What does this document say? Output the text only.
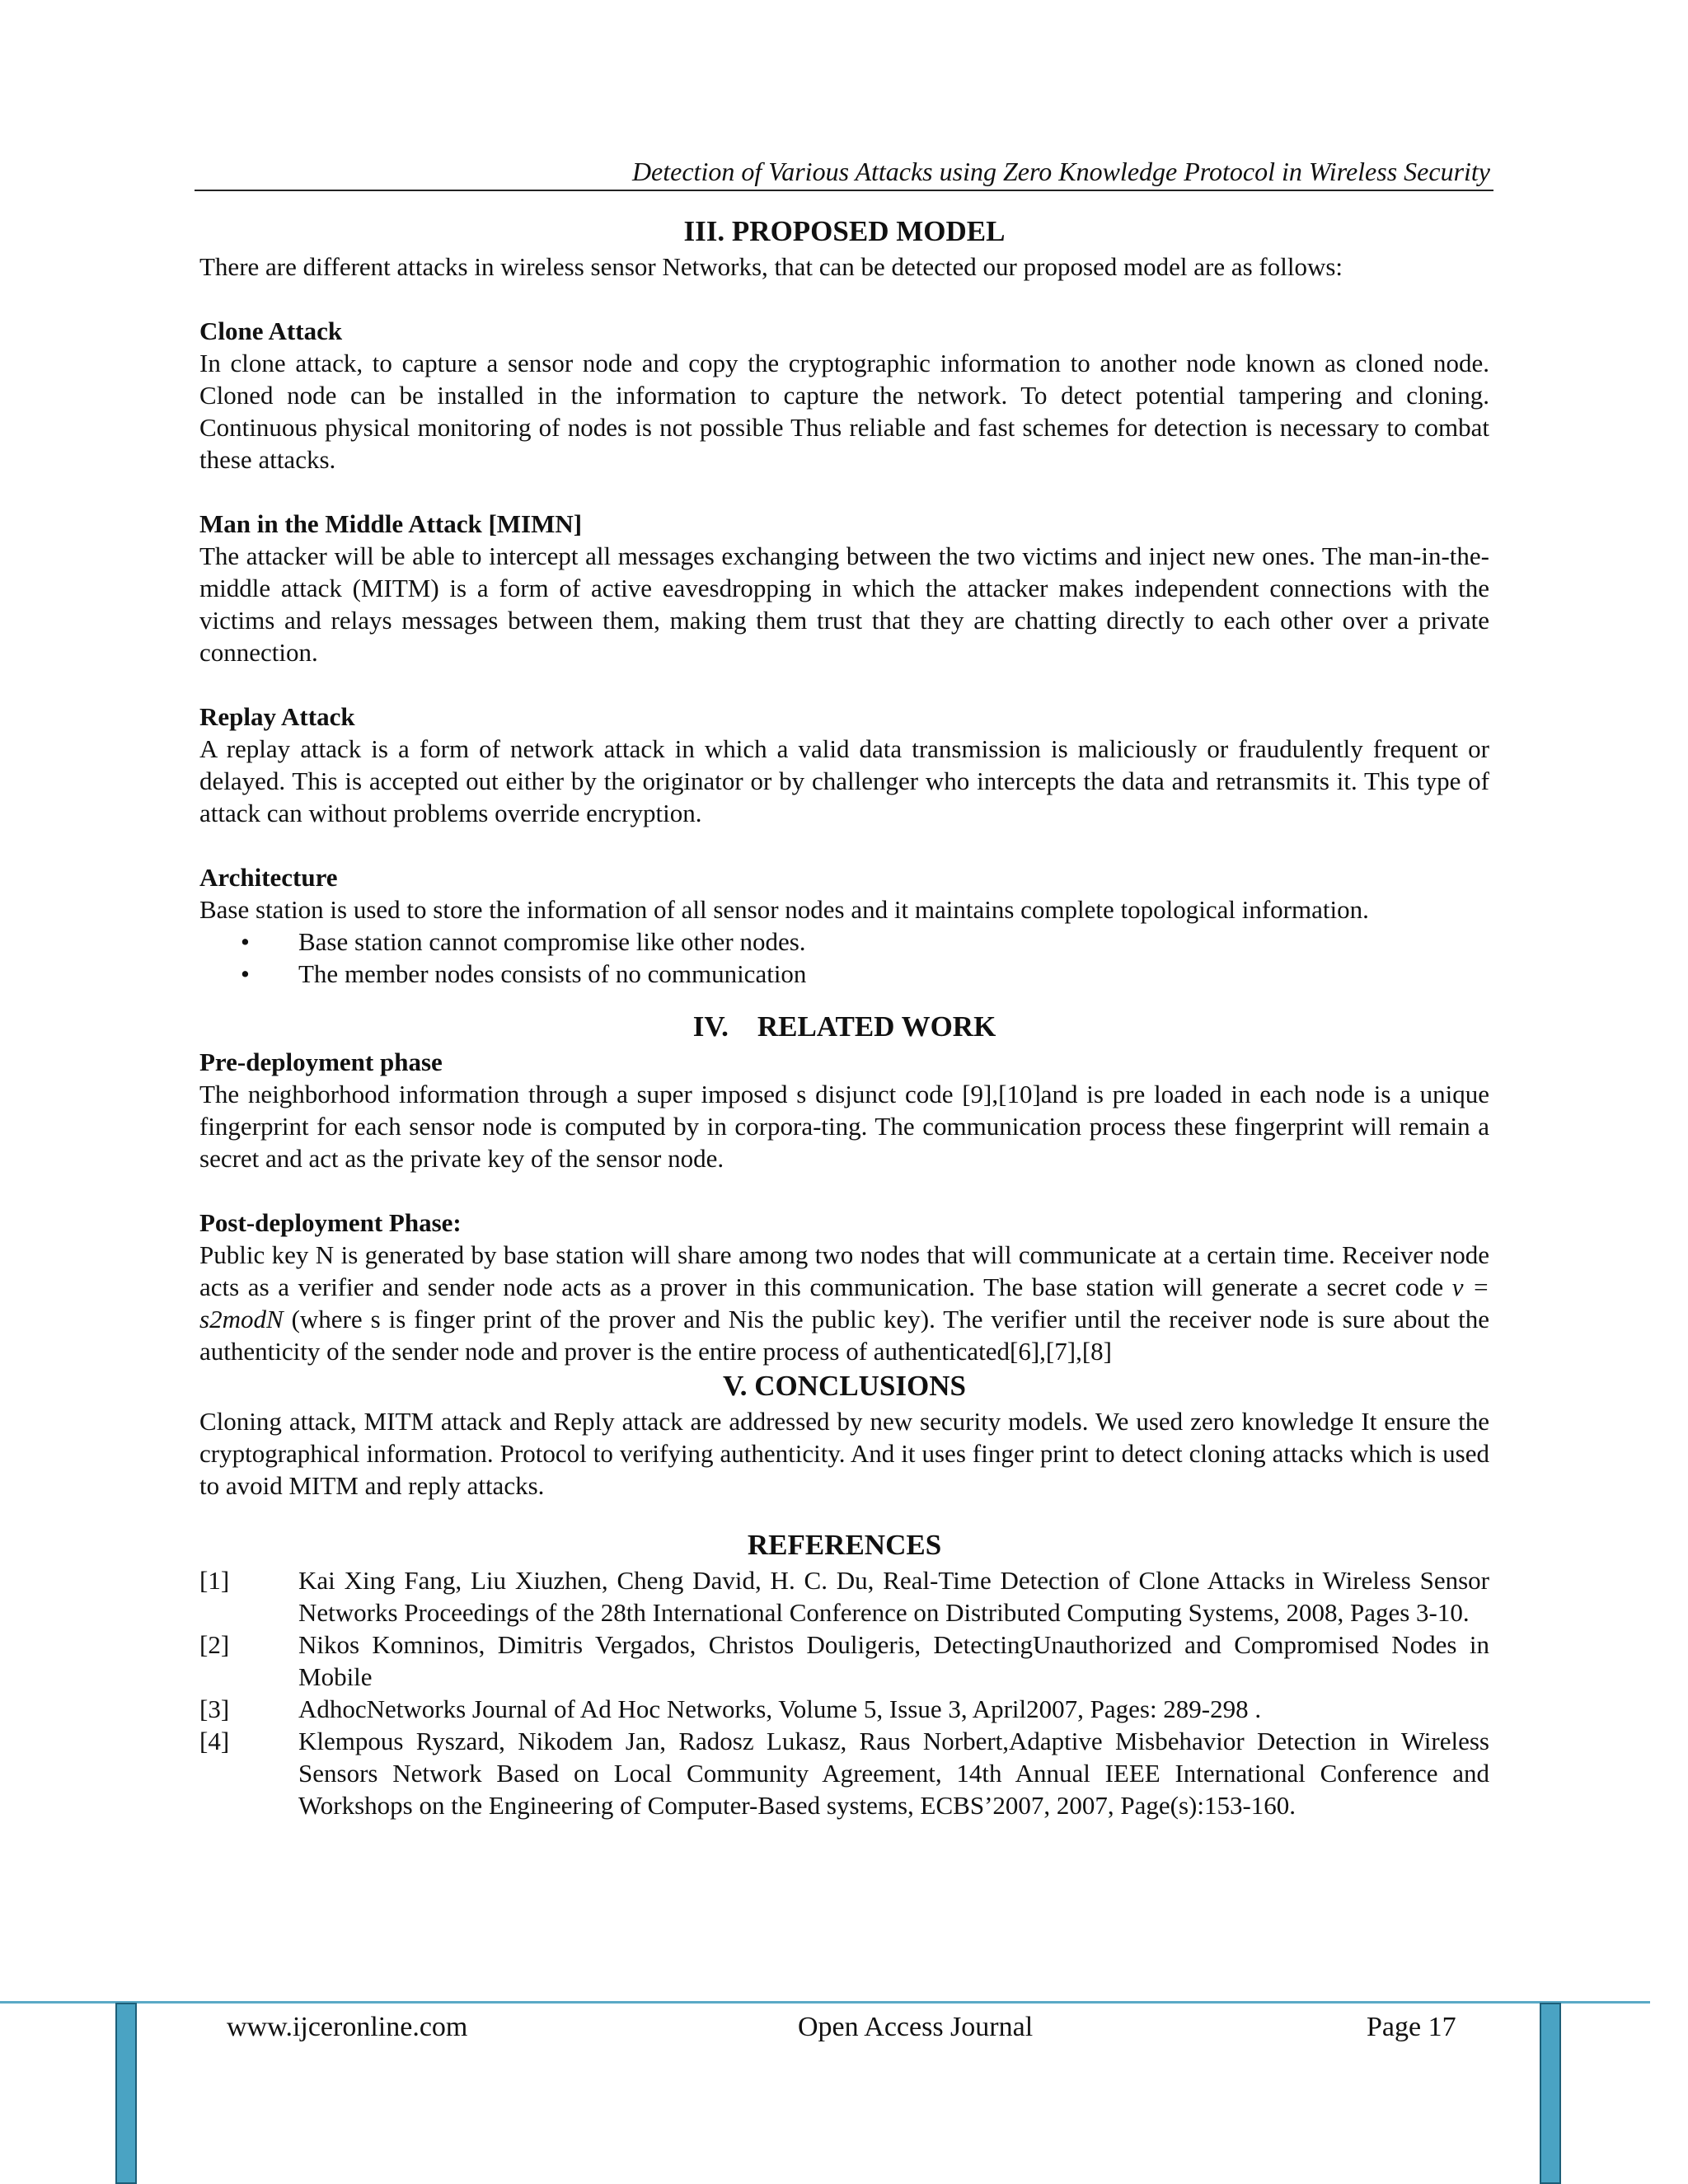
Detection of Various Attacks using Zero Knowledge Protocol in Wireless Security
III. PROPOSED MODEL

There are different attacks in wireless sensor Networks, that can be detected our proposed model are as follows:

Clone Attack

In clone attack, to capture a sensor node and copy the cryptographic information to another node known as cloned node. Cloned node can be installed in the information to capture the network. To detect potential tampering and cloning. Continuous physical monitoring of nodes is not possible Thus reliable and fast schemes for detection is necessary to combat these attacks.

Man in the Middle Attack [MIMN]

The attacker will be able to intercept all messages exchanging between the two victims and inject new ones. The man-in-the-middle attack (MITM) is a form of active eavesdropping in which the attacker makes independent connections with the victims and relays messages between them, making them trust that they are chatting directly to each other over a private connection.

Replay Attack

A replay attack is a form of network attack in which a valid data transmission is maliciously or fraudulently frequent or delayed. This is accepted out either by the originator or by challenger who intercepts the data and retransmits it. This type of attack can without problems override encryption.

Architecture

Base station is used to store the information of all sensor nodes and it maintains complete topological information.

• Base station cannot compromise like other nodes.
• The member nodes consists of no communication
IV.    RELATED WORK

Pre-deployment phase

The neighborhood information through a super imposed s disjunct code [9],[10]and is pre loaded in each node is a unique fingerprint for each sensor node is computed by in corpora-ting. The communication process these fingerprint will remain a secret and act as the private key of the sensor node.

Post-deployment Phase:

Public key N is generated by base station will share among two nodes that will communicate at a certain time. Receiver node acts as a verifier and sender node acts as a prover in this communication. The base station will generate a secret code v = s2modN (where s is finger print of the prover and Nis the public key). The verifier until the receiver node is sure about the authenticity of the sender node and prover is the entire process of authenticated[6],[7],[8]

V. CONCLUSIONS

Cloning attack, MITM attack and Reply attack are addressed by new security models. We used zero knowledge It ensure the cryptographical information. Protocol to verifying authenticity. And it uses finger print to detect cloning attacks which is used to avoid MITM and reply attacks.

REFERENCES
[1]	Kai Xing Fang, Liu Xiuzhen, Cheng David, H. C. Du, Real-Time Detection of Clone Attacks in Wireless Sensor Networks Proceedings of the 28th International Conference on Distributed Computing Systems, 2008, Pages 3-10.
[2]	Nikos Komninos, Dimitris Vergados, Christos Douligeris, DetectingUnauthorized and Compromised Nodes in Mobile
[3]	AdhocNetworks Journal of Ad Hoc Networks, Volume 5, Issue 3, April2007, Pages: 289-298 .
[4]	Klempous Ryszard, Nikodem Jan, Radosz Lukasz, Raus Norbert,Adaptive Misbehavior Detection in Wireless Sensors Network Based on Local Community Agreement, 14th Annual IEEE International Conference and Workshops on the Engineering of Computer-Based systems, ECBS’2007, 2007, Page(s):153-160.
www.ijceronline.com	Open Access Journal	Page 17
